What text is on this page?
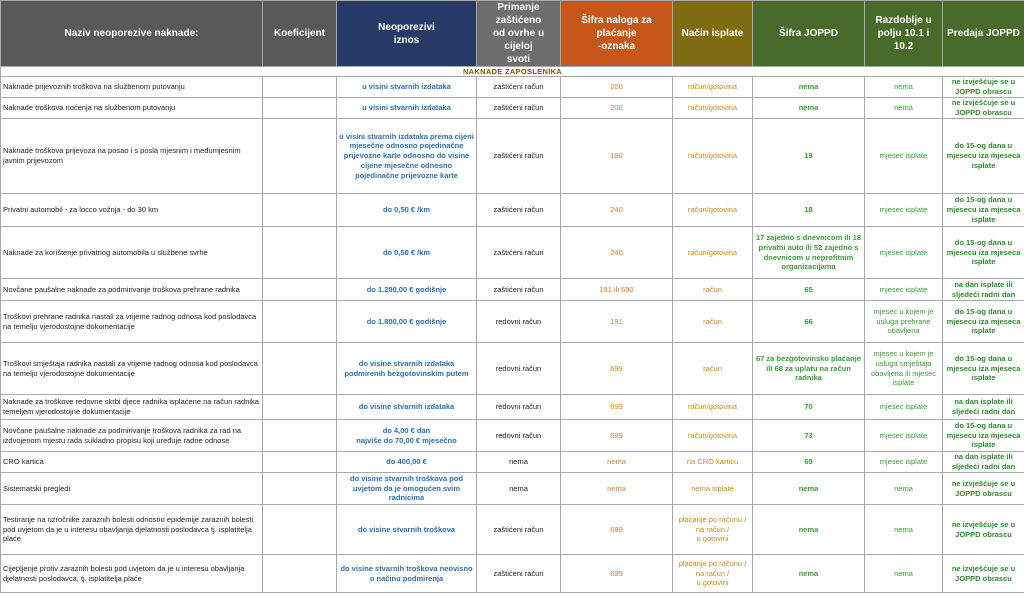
Naziv neoporezive naknade:	Koeficijent	Neoporezivi
iznos	Primanje
zaštićeno
od ovrhe u cijeloj
svoti	Šifra naloga za plaćanje
-oznaka	Način isplate	Šifra JOPPD	Razdoblje u
polju 10.1 i 10.2	Predaja JOPPD
NAKNADE ZAPOSLENIKA								
Naknade prijevoznih troškova na službenom putovanju		u visini stvarnih izdataka	zaštićeni račun	200	račun/gotovina	nema	nema	ne izvješćuje se u JOPPD obrascu
Naknade troškova noćenja na službenom putovanju		u visini stvarnih izdataka	zaštićeni račun	200	račun/gotovina	nema	nema	ne izvješćuje se u JOPPD obrascu
Naknade troškova prijevoza na posao i s posla mjesnim i međumjesnim javnim prijevozom		u visini stvarnih izdataka prema cijeni mjesečne odnosno pojedinačne prijevozne karte odnosno do visine cijene mjesečne odnosno pojedinačne prijevozne karte	zaštićeni račun	190	račun/gotovina	19	mjesec isplate	do 15-og dana u mjesecu iza mjeseca isplate
Privatni automobil - za locco vožnja - do 30 km		do 0,50 € /km	zaštićeni račun	240	račun/gotovina	18	mjesec isplate	do 15-og dana u mjesecu iza mjeseca isplate
Naknade za korištenje privatnog automobila u službene svrhe		do 0,50 € /km	zaštićeni račun	240	račun/gotovina	17 zajedno s dnevnicom ili 18 privatni auto ili 52 zajedno s dnevnicom u neprofitnim organizacijama	mjesec isplate	do 15-og dana u mjesecu iza mjeseca isplate
Novčane paušalne naknade za podmirivanje troškova prehrane radnika		do 1.200,00 € godišnje	zaštićeni račun	191 ili 690	račun	65	mjesec isplate	na dan isplate ili sljedeći radni dan
Troškovi prehrane radnika nastali za vrijeme radnog odnosa kod poslodavca na temelju vjerodostojne dokumentacije		do 1.800,00 € godišnje	redovni račun	191	račun	66	mjesec u kojem je usluga prehrane obavljena	do 15-og dana u mjesecu iza mjeseca isplate
Troškovi smještaja radnika nastali za vrijeme radnog odnosa kod poslodavca na temelju vjerodostojne dokumentacije		do visine stvarnih izdataka podmirenih bezgotovinskim putem	redovni račun	699	račun	67 za bezgotovinsko plaćanje ili 68 za uplatu na račun radnika	mjesec u kojem je usluga smještaja obavljena ili mjesec isplate	do 15-og dana u mjesecu iza mjeseca isplate
Naknade za troškove redovne skrbi djece radnika isplaćene na račun radnika temeljem vjerodostojne dokumentacije		do visine stvarnih izdataka	redovni račun	699	račun/gotovina	70	mjesec isplate	na dan isplate ili sljedeći radni dan
Novčane paušalne naknade za podmirivanje troškova radnika za rad na izdvojenom mjestu rada sukladno propisu koji uređuje radne odnose		do 4,00 € dan
najviše do 70,00 € mjesečno	redovni račun	699	račun/gotovina	73	mjesec isplate	do 15-og dana u mjesecu iza mjeseca isplate
CRO kartica		do 400,00 €	nema	nema	na CRO karticu	69	mjesec isplate	na dan isplate ili sljedeći radni dan
Sistematski pregledi		do visine stvarnih troškova pod uvjetom da je omogućen svim radnicima	nema	nema	nema isplate	nema	nema	ne izvješćuje se u JOPPD obrascu
Testiranje na uzročnike zaraznih bolesti odnosno epidemije zaraznih bolesti pod uvjetom da je u interesu obavljanja djelatnosti poslodavca tj. isplatitelja plaće		do visine stvarnih troškova	zaštićeni račun	699	plaćanje po računu /
na račun /
u gotovini	nema	nema	ne izvješćuje se u JOPPD obrascu
Cijepljenje protiv zaraznih bolesti pod uvjetom da je u interesu obavljanja djelatnosti poslodavca, tj. isplatitelja plaće		do visine stvarnih troškova neovisno o načinu podmirenja	zaštićeni račun	699	plaćanje po računu /
na račun /
u gotovini	nema	nema	ne izvješćuje se u JOPPD obrascu
